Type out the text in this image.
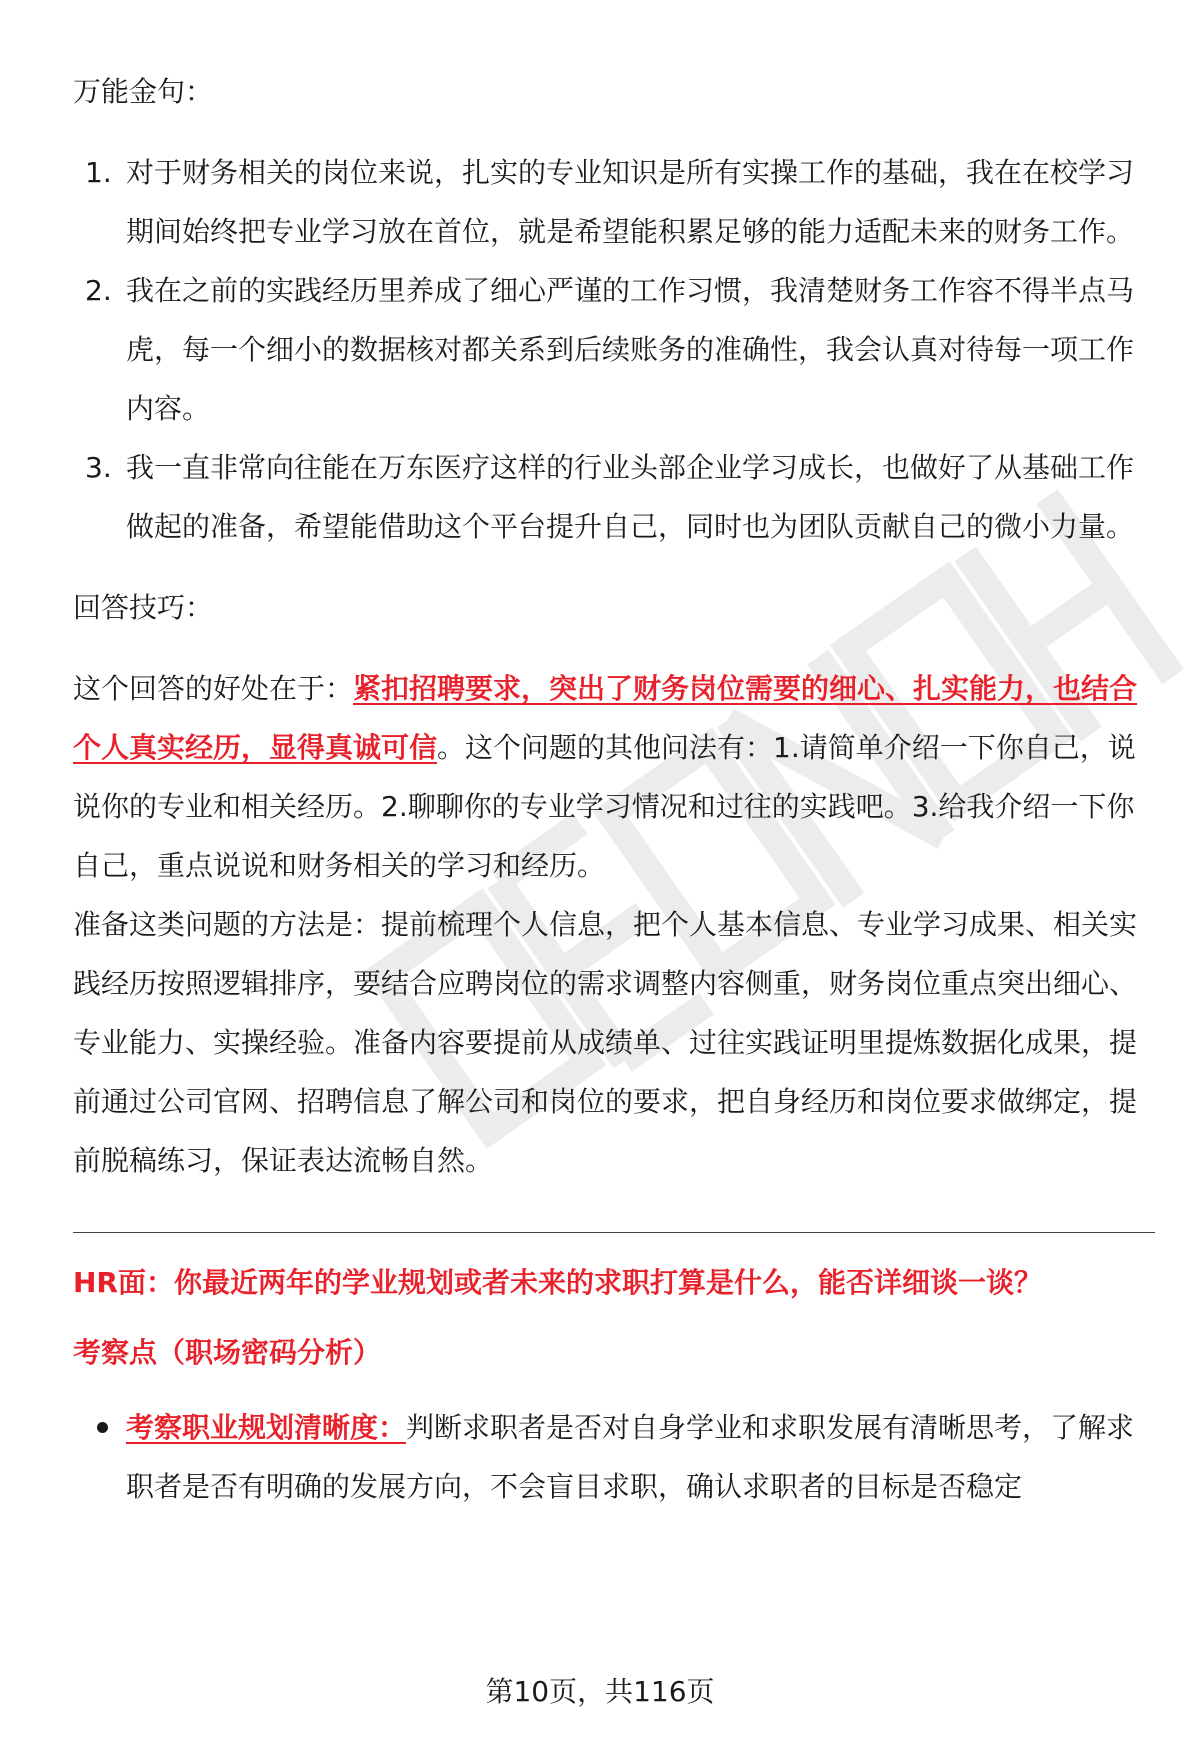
万能金句：

1. 对于财务相关的岗位来说，扎实的专业知识是所有实操工作的基础，我在在校学习期间始终把专业学习放在首位，就是希望能积累足够的能力适配未来的财务工作。
2. 我在之前的实践经历里养成了细心严谨的工作习惯，我清楚财务工作容不得半点马虎，每一个细小的数据核对都关系到后续账务的准确性，我会认真对待每一项工作内容。
3. 我一直非常向往能在万东医疗这样的行业头部企业学习成长，也做好了从基础工作做起的准备，希望能借助这个平台提升自己，同时也为团队贡献自己的微小力量。

回答技巧：

这个回答的好处在于：紧扣招聘要求，突出了财务岗位需要的细心、扎实能力，也结合个人真实经历，显得真诚可信。这个问题的其他问法有：1.请简单介绍一下你自己，说说你的专业和相关经历。2.聊聊你的专业学习情况和过往的实践吧。3.给我介绍一下你自己，重点说说和财务相关的学习和经历。

准备这类问题的方法是：提前梳理个人信息，把个人基本信息、专业学习成果、相关实践经历按照逻辑排序，要结合应聘岗位的需求调整内容侧重，财务岗位重点突出细心、专业能力、实操经验。准备内容要提前从成绩单、过往实践证明里提炼数据化成果，提前通过公司官网、招聘信息了解公司和岗位的要求，把自身经历和岗位要求做绑定，提前脱稿练习，保证表达流畅自然。

HR面：你最近两年的学业规划或者未来的求职打算是什么，能否详细谈一谈？

考察点（职场密码分析）

考察职业规划清晰度：判断求职者是否对自身学业和求职发展有清晰思考，了解求职者是否有明确的发展方向，不会盲目求职，确认求职者的目标是否稳定
第10页，共116页
